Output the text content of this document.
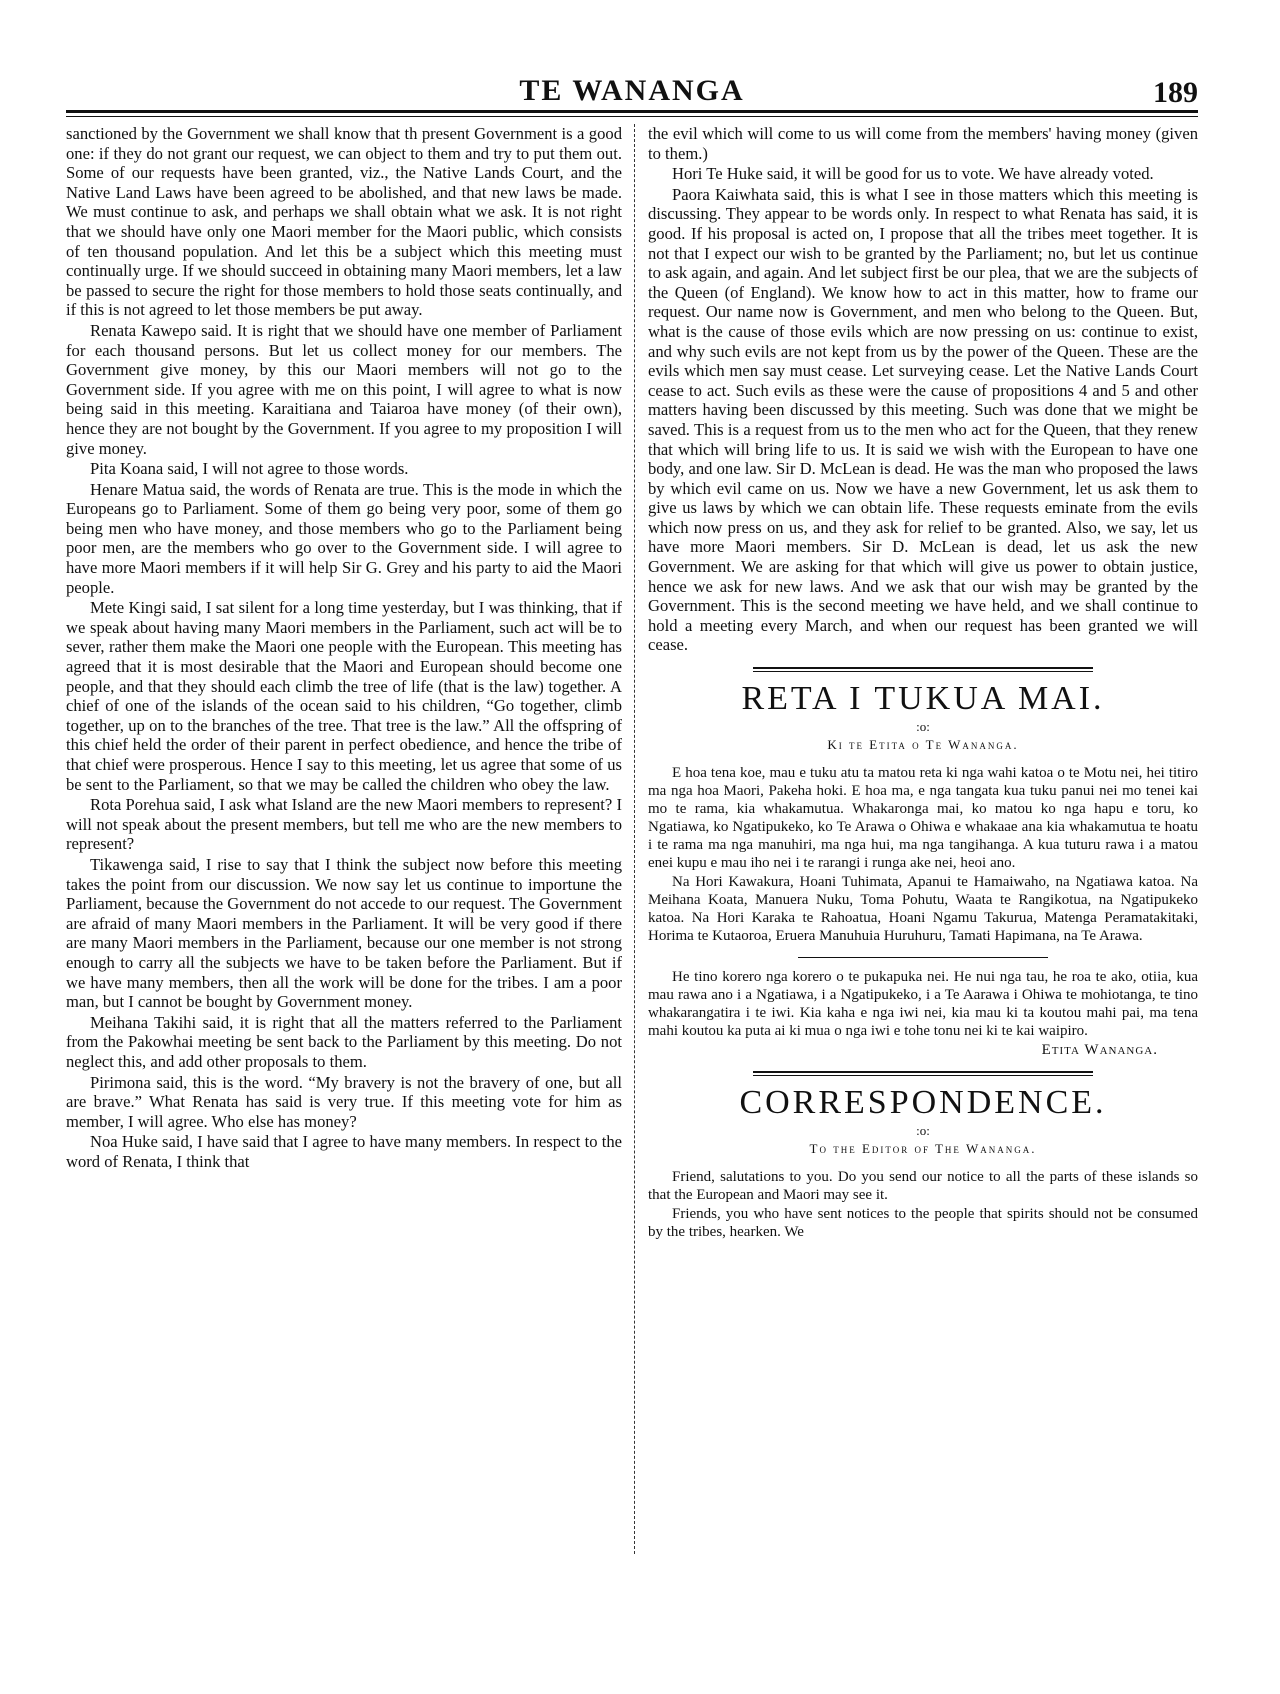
TE WANANGA	189

sanctioned by the Government we shall know that th present Government is a good one: if they do not grant our request, we can object to them and try to put them out. Some of our requests have been granted, viz., the Native Lands Court, and the Native Land Laws have been agreed to be abolished, and that new laws be made. We must continue to ask, and perhaps we shall obtain what we ask. It is not right that we should have only one Maori member for the Maori public, which consists of ten thousand population. And let this be a subject which this meeting must continually urge. If we should succeed in obtaining many Maori members, let a law be passed to secure the right for those members to hold those seats continually, and if this is not agreed to let those members be put away.

Renata Kawepo said. It is right that we should have one member of Parliament for each thousand persons. But let us collect money for our members. The Government give money, by this our Maori members will not go to the Government side. If you agree with me on this point, I will agree to what is now being said in this meeting. Karaitiana and Taiaroa have money (of their own), hence they are not bought by the Government. If you agree to my proposition I will give money.

Pita Koana said, I will not agree to those words.

Henare Matua said, the words of Renata are true. This is the mode in which the Europeans go to Parliament. Some of them go being very poor, some of them go being men who have money, and those members who go to the Parliament being poor men, are the members who go over to the Government side. I will agree to have more Maori members if it will help Sir G. Grey and his party to aid the Maori people.

Mete Kingi said, I sat silent for a long time yesterday, but I was thinking, that if we speak about having many Maori members in the Parliament, such act will be to sever, rather them make the Maori one people with the European. This meeting has agreed that it is most desirable that the Maori and European should become one people, and that they should each climb the tree of life (that is the law) together. A chief of one of the islands of the ocean said to his children, “Go together, climb together, up on to the branches of the tree. That tree is the law.” All the offspring of this chief held the order of their parent in perfect obedience, and hence the tribe of that chief were prosperous. Hence I say to this meeting, let us agree that some of us be sent to the Parliament, so that we may be called the children who obey the law.

Rota Porehua said, I ask what Island are the new Maori members to represent? I will not speak about the present members, but tell me who are the new members to represent?

Tikawenga said, I rise to say that I think the subject now before this meeting takes the point from our discussion. We now say let us continue to importune the Parliament, because the Government do not accede to our request. The Government are afraid of many Maori members in the Parliament. It will be very good if there are many Maori members in the Parliament, because our one member is not strong enough to carry all the subjects we have to be taken before the Parliament. But if we have many members, then all the work will be done for the tribes. I am a poor man, but I cannot be bought by Government money.

Meihana Takihi said, it is right that all the matters referred to the Parliament from the Pakowhai meeting be sent back to the Parliament by this meeting. Do not neglect this, and add other proposals to them.

Pirimona said, this is the word. “My bravery is not the bravery of one, but all are brave.” What Renata has said is very true. If this meeting vote for him as member, I will agree. Who else has money?

Noa Huke said, I have said that I agree to have many members. In respect to the word of Renata, I think that

the evil which will come to us will come from the members' having money (given to them.)

Hori Te Huke said, it will be good for us to vote. We have already voted.

Paora Kaiwhata said, this is what I see in those matters which this meeting is discussing. They appear to be words only. In respect to what Renata has said, it is good. If his proposal is acted on, I propose that all the tribes meet together. It is not that I expect our wish to be granted by the Parliament; no, but let us continue to ask again, and again. And let subject first be our plea, that we are the subjects of the Queen (of England). We know how to act in this matter, how to frame our request. Our name now is Government, and men who belong to the Queen. But, what is the cause of those evils which are now pressing on us: continue to exist, and why such evils are not kept from us by the power of the Queen. These are the evils which men say must cease. Let surveying cease. Let the Native Lands Court cease to act. Such evils as these were the cause of propositions 4 and 5 and other matters having been discussed by this meeting. Such was done that we might be saved. This is a request from us to the men who act for the Queen, that they renew that which will bring life to us. It is said we wish with the European to have one body, and one law. Sir D. McLean is dead. He was the man who proposed the laws by which evil came on us. Now we have a new Government, let us ask them to give us laws by which we can obtain life. These requests eminate from the evils which now press on us, and they ask for relief to be granted. Also, we say, let us have more Maori members. Sir D. McLean is dead, let us ask the new Government. We are asking for that which will give us power to obtain justice, hence we ask for new laws. And we ask that our wish may be granted by the Government. This is the second meeting we have held, and we shall continue to hold a meeting every March, and when our request has been granted we will cease.

RETA I TUKUA MAI.
:o:
Ki te Etita o Te Wananga.

E hoa tena koe, mau e tuku atu ta matou reta ki nga wahi katoa o te Motu nei, hei titiro ma nga hoa Maori, Pakeha hoki. E hoa ma, e nga tangata kua tuku panui nei mo tenei kai mo te rama, kia whakamutua. Whakaronga mai, ko matou ko nga hapu e toru, ko Ngatiawa, ko Ngatipukeko, ko Te Arawa o Ohiwa e whakaae ana kia whakamutua te hoatu i te rama ma nga manuhiri, ma nga hui, ma nga tangihanga. A kua tuturu rawa i a matou enei kupu e mau iho nei i te rarangi i runga ake nei, heoi ano.

Na Hori Kawakura, Hoani Tuhimata, Apanui te Hamaiwaho, na Ngatiawa katoa. Na Meihana Koata, Manuera Nuku, Toma Pohutu, Waata te Rangikotua, na Ngatipukeko katoa. Na Hori Karaka te Rahoatua, Hoani Ngamu Takurua, Matenga Peramatakitaki, Horima te Kutaoroa, Eruera Manuhuia Huruhuru, Tamati Hapimana, na Te Arawa.

He tino korero nga korero o te pukapuka nei. He nui nga tau, he roa te ako, otiia, kua mau rawa ano i a Ngatiawa, i a Ngatipukeko, i a Te Aarawa i Ohiwa te mohiotanga, te tino whakarangatira i te iwi. Kia kaha e nga iwi nei, kia mau ki ta koutou mahi pai, ma tena mahi koutou ka puta ai ki mua o nga iwi e tohe tonu nei ki te kai waipiro.

Etita Wananga.

CORRESPONDENCE.
:o:
To the Editor of The Wananga.

Friend, salutations to you. Do you send our notice to all the parts of these islands so that the European and Maori may see it.

Friends, you who have sent notices to the people that spirits should not be consumed by the tribes, hearken. We
